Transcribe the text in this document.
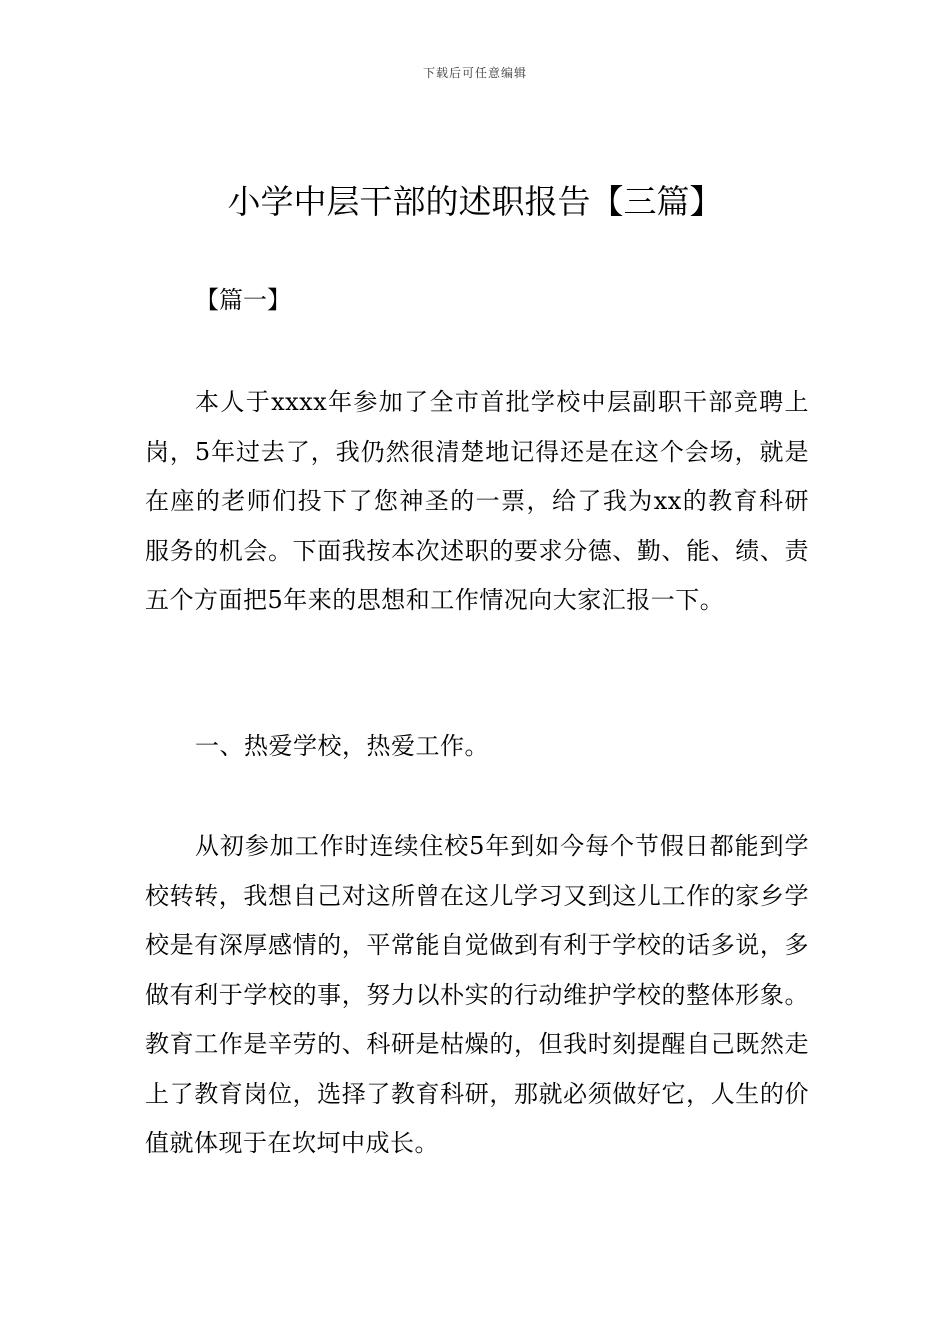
下载后可任意编辑
小学中层干部的述职报告【三篇】

【篇一】

本人于xxxx年参加了全市首批学校中层副职干部竞聘上岗，5年过去了，我仍然很清楚地记得还是在这个会场，就是在座的老师们投下了您神圣的一票，给了我为xx的教育科研服务的机会。下面我按本次述职的要求分德、勤、能、绩、责五个方面把5年来的思想和工作情况向大家汇报一下。

一、热爱学校，热爱工作。

从初参加工作时连续住校5年到如今每个节假日都能到学校转转，我想自己对这所曾在这儿学习又到这儿工作的家乡学校是有深厚感情的，平常能自觉做到有利于学校的话多说，多做有利于学校的事，努力以朴实的行动维护学校的整体形象。教育工作是辛劳的、科研是枯燥的，但我时刻提醒自己既然走上了教育岗位，选择了教育科研，那就必须做好它，人生的价值就体现于在坎坷中成长。
